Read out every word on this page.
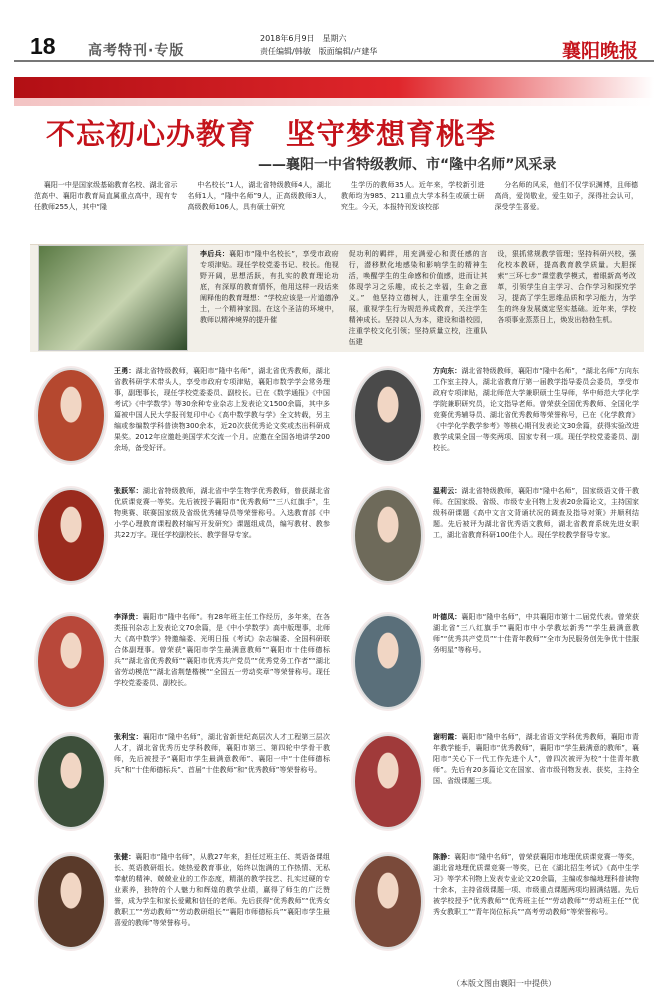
18 高考特刊·专版
2018年6月9日　星期六
责任编辑/韩敏　版面编辑/卢建华	襄阳晚报
不忘初心办教育　坚守梦想育桃李
——襄阳一中省特级教师、市“隆中名师”风采录

襄阳一中是国家级基础教育名校、湖北省示范高中、襄阳市教育局直属重点高中，现有专任教师255人，其中“隆

中名校长”1人，湖北省特级教师4人，湖北名师1人，“隆中名师”9人，正高级教师3人，高级教师106人，具有硕士研究

生学历的教师35人。近年来，学校新引进教师均为985、211重点大学本科生或硕士研究生。今天，本报特刊发该校部

分名师的风采，他们不仅学识渊博，且师德高尚，爱岗敬业，爱生如子，深得社会认可，深受学生喜爱。

李后兵：襄阳市“隆中名校长”，享受市政府专项津贴。现任学校党委书记、校长。他视野开阔，思想活跃，有扎实的教育理论功底，有深厚的教育情怀，他用这样一段话来阐释他的教育理想：“学校应该是一片道德净土，一个精神家园。在这个圣洁的环境中，教师以精神境界的提升催
促功利的羁绊，用充满爱心和责任感的言行，潜移默化地感染和影响学生的精神生活，唤醒学生的生命感和价值感，进而让其体现学习之乐趣，成长之幸福，生命之意义。”　他坚持立德树人，注重学生全面发展，重视学生行为规范养成教育，关注学生精神成长。坚持以人为本，建设和谐校园，注重学校文化引领；坚持质量立校，注重队伍建
设，狠抓常规教学管理；坚持科研兴校，强化校本教研，提高教育教学质量。大胆探索“三环七步”课堂教学模式，着眼新高考改革，引领学生自主学习、合作学习和探究学习，提高了学生思维品质和学习能力，为学生的终身发展奠定坚实基础。近年来，学校各项事业蒸蒸日上，焕发出勃勃生机。
王勇：湖北省特级教师，襄阳市“隆中名师”，湖北省优秀教师，湖北省教科研学术带头人，享受市政府专项津贴，襄阳市数学学会常务理事，副理事长，现任学校党委委员、副校长。已在《数学通报》《中国考试》《中学数学》等30余种专业杂志上发表论文1500余篇，其中多篇被中国人民大学报刊复印中心《高中数学教与学》全文转载，另主编或参编数学科普读物300余本，近20次获优秀论文奖或杰出科研成果奖。2012年应邀赴美国学术交流一个月。应邀在全国各地讲学200余场，备受好评。
方向东：湖北省特级教师，襄阳市“隆中名师”，“湖北名师”方向东工作室主持人，湖北省教育厅第一届教学指导委员会委员，享受市政府专项津贴，湖北师范大学兼职硕士生导师，华中师范大学化学学院兼职研究员，论文指导老师。曾荣获全国优秀教师、全国化学竞赛优秀辅导员、湖北省优秀教师等荣誉称号，已在《化学教育》《中学化学教学参考》等核心期刊发表论文30余篇，获得实验改进教学成果全国一等奖两项、国家专利一项。现任学校党委委员、副校长。
张跃军：湖北省特级教师，湖北省中学生物学优秀教师，曾获湖北省优质课竞赛一等奖。先后被授予襄阳市“优秀教师”“三八红旗手”，生物奥赛、联赛国家级及省级优秀辅导员等荣誉称号。入选教育部《中小学心理教育课程教材编写开发研究》课题组成员，编写教材、教参共22万字。现任学校副校长、教学督导专家。
温莉云：湖北省特级教师，襄阳市“隆中名师”，国家级语文骨干教师。在国家级、省级、市级专业刊物上发表20余篇论文，主持国家级科研课题《高中文言文背诵状况的调查及指导对策》并顺利结题。先后被评为湖北省优秀语文教师，湖北省教育系统先进女职工，湖北省教育科研100佳个人。现任学校教学督导专家。
李泽贵：襄阳市“隆中名师”。有28年班主任工作经历，多年来，在各类报刊杂志上发表论文70余篇，是《中小学数学》高中版理事，北师大《高中数学》特邀编委、光明日报《考试》杂志编委、全国科研联合体副理事。曾荣获“襄阳市学生最满意教师”“襄阳市十佳师德标兵”“湖北省优秀教师”“襄阳市优秀共产党员”“优秀党务工作者”“湖北省劳动模范”“湖北省荆楚楷模”“全国五一劳动奖章”等荣誉称号。现任学校党委委员、副校长。
叶德凤：襄阳市“隆中名师”，中共襄阳市第十二届党代表。曾荣获湖北省“三八红旗手”“襄阳市中小学教坛新秀”“学生最满意教师”“优秀共产党员”“十佳青年教师”“全市为民服务创先争优十佳服务明星”等称号。
张利宝：襄阳市“隆中名师”，湖北省新世纪高层次人才工程第三层次人才，湖北省优秀历史学科教师，襄阳市第三、第四轮中学骨干教师，先后被授予“襄阳市学生最满意教师”、襄阳一中“十佳师德标兵”和“十佳师德标兵”、首届“十佳教师”和“优秀教师”等荣誉称号。
谢明霞：襄阳市“隆中名师”，湖北省语文学科优秀教师，襄阳市青年教学能手，襄阳市“优秀教师”，襄阳市“学生最满意的教师”，襄阳市“关心下一代工作先进个人”，曾四次被评为校“十佳青年教师”。先后有20多篇论文在国家、省市级刊物发表、获奖，主持全国、省级课题三项。
张健：襄阳市“隆中名师”，从教27年来，担任过班主任、英语备课组长、英语教研组长。她热爱教育事业，始终以饱满的工作热情、无私奉献的精神、兢兢业业的工作态度，精湛的教学技艺、扎实过硬的专业素养，独特的个人魅力和辉煌的教学业绩，赢得了师生的广泛赞誉，成为学生和家长爱戴和信任的老师。先后获得“优秀教师”“优秀女教职工”“劳动教师”“劳动教研组长”“襄阳市师德标兵”“襄阳市学生最喜爱的教师”等荣誉称号。
陈静：襄阳市“隆中名师”，曾荣获襄阳市地理优质课竞赛一等奖，湖北省地理优质课竞赛一等奖，已在《湖北招生考试》《高中生学习》等学术刊物上发表专业论文20余篇，主编或参编地理科普读物十余本，主持省级课题一项、市级重点课题两项均圆满结题。先后被学校授予“优秀教师”“优秀班主任”“劳动教师”“劳动班主任”“优秀女教职工”“青年岗位标兵”“高考劳动教师”等荣誉称号。
（本版文图由襄阳一中提供）
